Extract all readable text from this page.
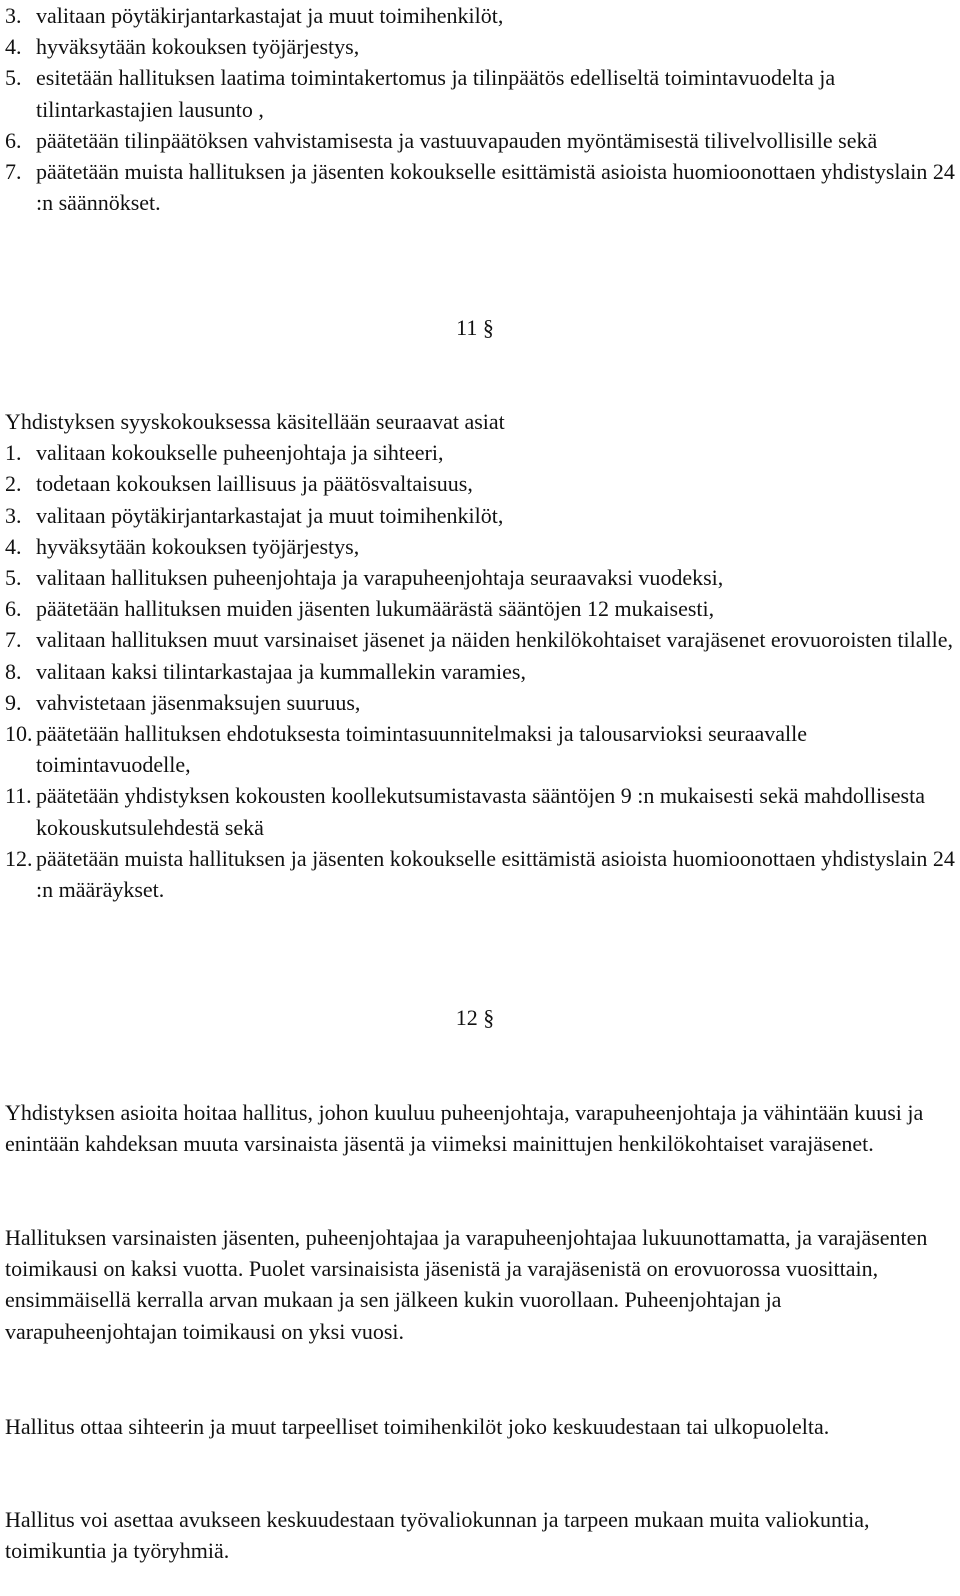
3. valitaan pöytäkirjantarkastajat ja muut toimihenkilöt,
4. hyväksytään kokouksen työjärjestys,
5. esitetään hallituksen laatima toimintakertomus ja tilinpäätös edelliseltä toimintavuodelta ja tilintarkastajien lausunto ,
6. päätetään tilinpäätöksen vahvistamisesta ja vastuuvapauden myöntämisestä tilivelvollisille sekä
7. päätetään muista hallituksen ja jäsenten kokoukselle esittämistä asioista huomioonottaen yhdistyslain 24 :n säännökset.
11 §

Yhdistyksen syyskokouksessa käsitellään seuraavat asiat

1. valitaan kokoukselle puheenjohtaja ja sihteeri,
2. todetaan kokouksen laillisuus ja päätösvaltaisuus,
3. valitaan pöytäkirjantarkastajat ja muut toimihenkilöt,
4. hyväksytään kokouksen työjärjestys,
5. valitaan hallituksen puheenjohtaja ja varapuheenjohtaja seuraavaksi vuodeksi,
6. päätetään hallituksen muiden jäsenten lukumäärästä sääntöjen 12 mukaisesti,
7. valitaan hallituksen muut varsinaiset jäsenet ja näiden henkilökohtaiset varajäsenet erovuoroisten tilalle,
8. valitaan kaksi tilintarkastajaa ja kummallekin varamies,
9. vahvistetaan jäsenmaksujen suuruus,
10. päätetään hallituksen ehdotuksesta toimintasuunnitelmaksi ja talousarvioksi seuraavalle toimintavuodelle,
11. päätetään yhdistyksen kokousten koollekutsumistavasta sääntöjen 9 :n mukaisesti sekä mahdollisesta kokouskutsulehdestä sekä
12. päätetään muista hallituksen ja jäsenten kokoukselle esittämistä asioista huomioonottaen yhdistyslain 24 :n määräykset.
12 §

Yhdistyksen asioita hoitaa hallitus, johon kuuluu puheenjohtaja, varapuheenjohtaja ja vähintään kuusi ja enintään kahdeksan muuta varsinaista jäsentä ja viimeksi mainittujen henkilökohtaiset varajäsenet.

Hallituksen varsinaisten jäsenten, puheenjohtajaa ja varapuheenjohtajaa lukuunottamatta, ja varajäsenten toimikausi on kaksi vuotta. Puolet varsinaisista jäsenistä ja varajäsenistä on erovuorossa vuosittain, ensimmäisellä kerralla arvan mukaan ja sen jälkeen kukin vuorollaan. Puheenjohtajan ja varapuheenjohtajan toimikausi on yksi vuosi.

Hallitus ottaa sihteerin ja muut tarpeelliset toimihenkilöt joko keskuudestaan tai ulkopuolelta.

Hallitus voi asettaa avukseen keskuudestaan työvaliokunnan ja tarpeen mukaan muita valiokuntia, toimikuntia ja työryhmiä.
